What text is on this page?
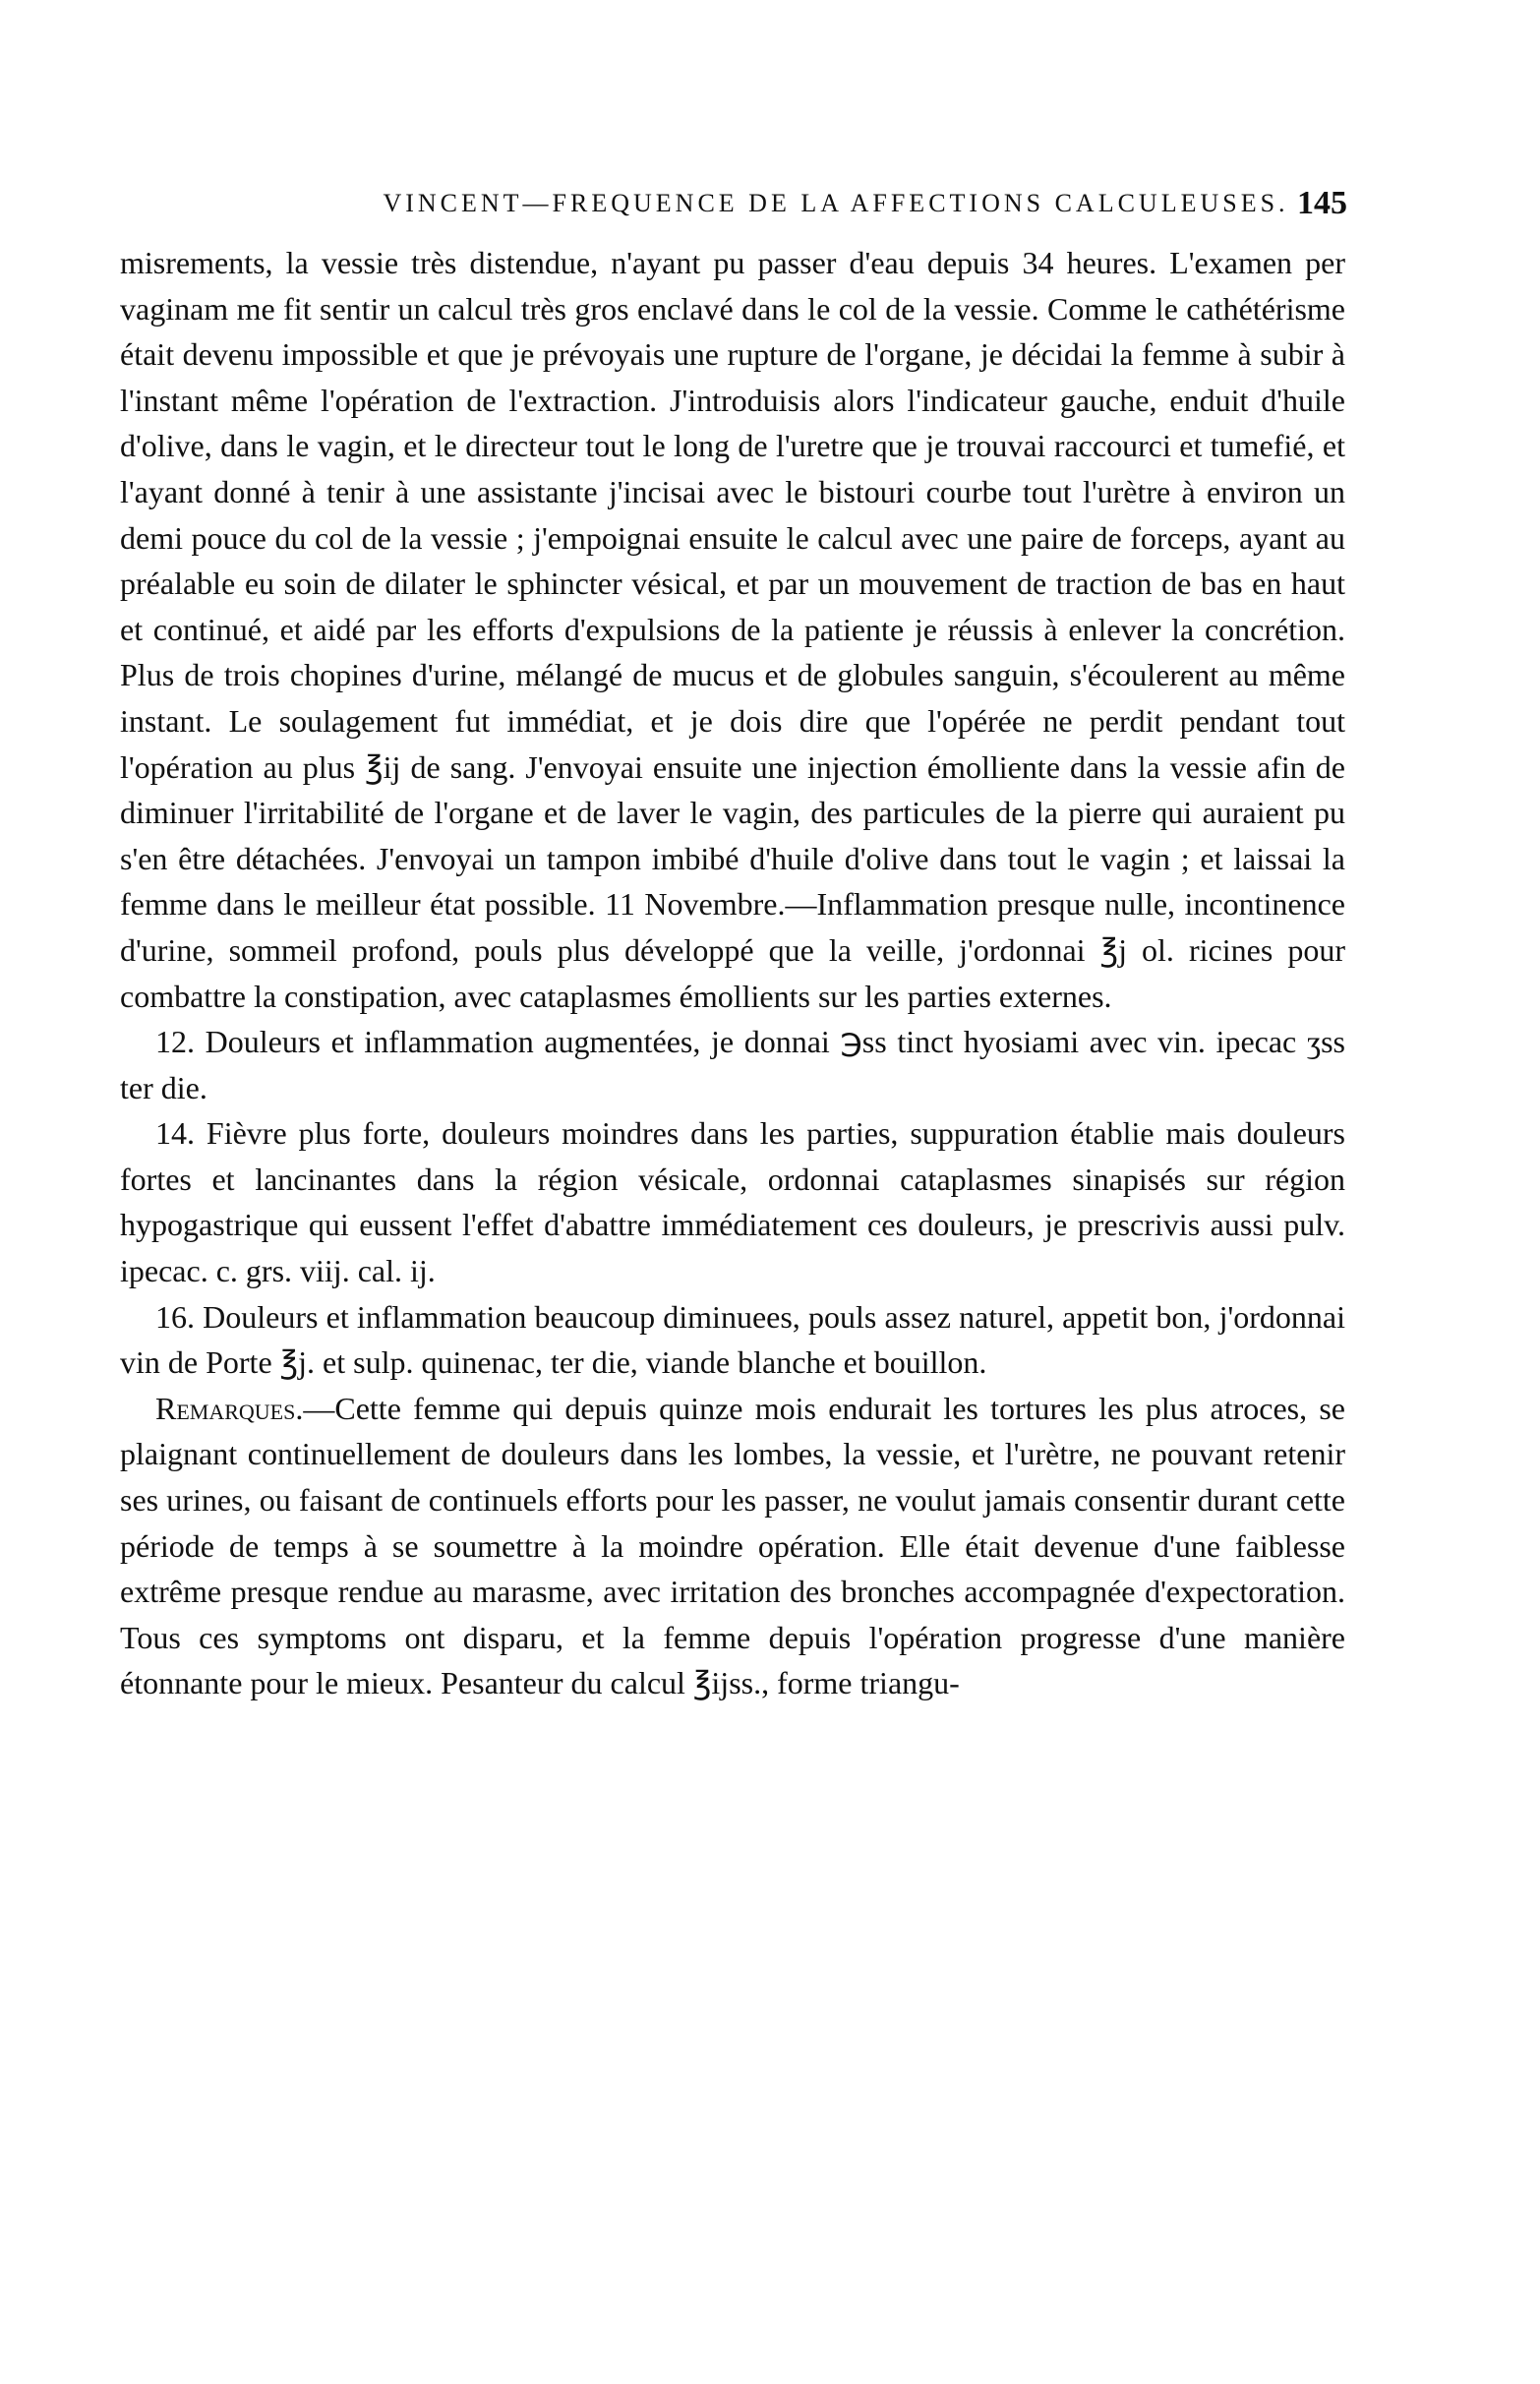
VINCENT—FREQUENCE DE LA AFFECTIONS CALCULEUSES. 145

misrements, la vessie très distendue, n'ayant pu passer d'eau depuis 34 heures. L'examen per vaginam me fit sentir un calcul très gros enclavé dans le col de la vessie. Comme le cathétérisme était devenu impossible et que je prévoyais une rupture de l'organe, je décidai la femme à subir à l'instant même l'opération de l'extraction. J'introduisis alors l'indicateur gauche, enduit d'huile d'olive, dans le vagin, et le directeur tout le long de l'uretre que je trouvai raccourci et tumefié, et l'ayant donné à tenir à une assistante j'incisai avec le bistouri courbe tout l'urètre à environ un demi pouce du col de la vessie ; j'empoignai ensuite le calcul avec une paire de forceps, ayant au préalable eu soin de dilater le sphincter vésical, et par un mouvement de traction de bas en haut et continué, et aidé par les efforts d'expulsions de la patiente je réussis à enlever la concrétion. Plus de trois chopines d'urine, mélangé de mucus et de globules sanguin, s'écoulerent au même instant. Le soulagement fut immédiat, et je dois dire que l'opérée ne perdit pendant tout l'opération au plus ℥ij de sang. J'envoyai ensuite une injection émolliente dans la vessie afin de diminuer l'irritabilité de l'organe et de laver le vagin, des particules de la pierre qui auraient pu s'en être détachées. J'envoyai un tampon imbibé d'huile d'olive dans tout le vagin ; et laissai la femme dans le meilleur état possible. 11 Novembre.—Inflammation presque nulle, incontinence d'urine, sommeil profond, pouls plus développé que la veille, j'ordonnai ℥j ol. ricines pour combattre la constipation, avec cataplasmes émollients sur les parties externes.

12. Douleurs et inflammation augmentées, je donnai ℈ss tinct hyosiami avec vin. ipecac ʒss ter die.

14. Fièvre plus forte, douleurs moindres dans les parties, suppuration établie mais douleurs fortes et lancinantes dans la région vésicale, ordonnai cataplasmes sinapisés sur région hypogastrique qui eussent l'effet d'abattre immédiatement ces douleurs, je prescrivis aussi pulv. ipecac. c. grs. viij. cal. ij.

16. Douleurs et inflammation beaucoup diminuees, pouls assez naturel, appetit bon, j'ordonnai vin de Porte ℥j. et sulp. quinenac, ter die, viande blanche et bouillon.

Remarques.—Cette femme qui depuis quinze mois endurait les tortures les plus atroces, se plaignant continuellement de douleurs dans les lombes, la vessie, et l'urètre, ne pouvant retenir ses urines, ou faisant de continuels efforts pour les passer, ne voulut jamais consentir durant cette période de temps à se soumettre à la moindre opération. Elle était devenue d'une faiblesse extrême presque rendue au marasme, avec irritation des bronches accompagnée d'expectoration. Tous ces symptoms ont disparu, et la femme depuis l'opération progresse d'une manière étonnante pour le mieux. Pesanteur du calcul ℥ijss., forme triangu-
